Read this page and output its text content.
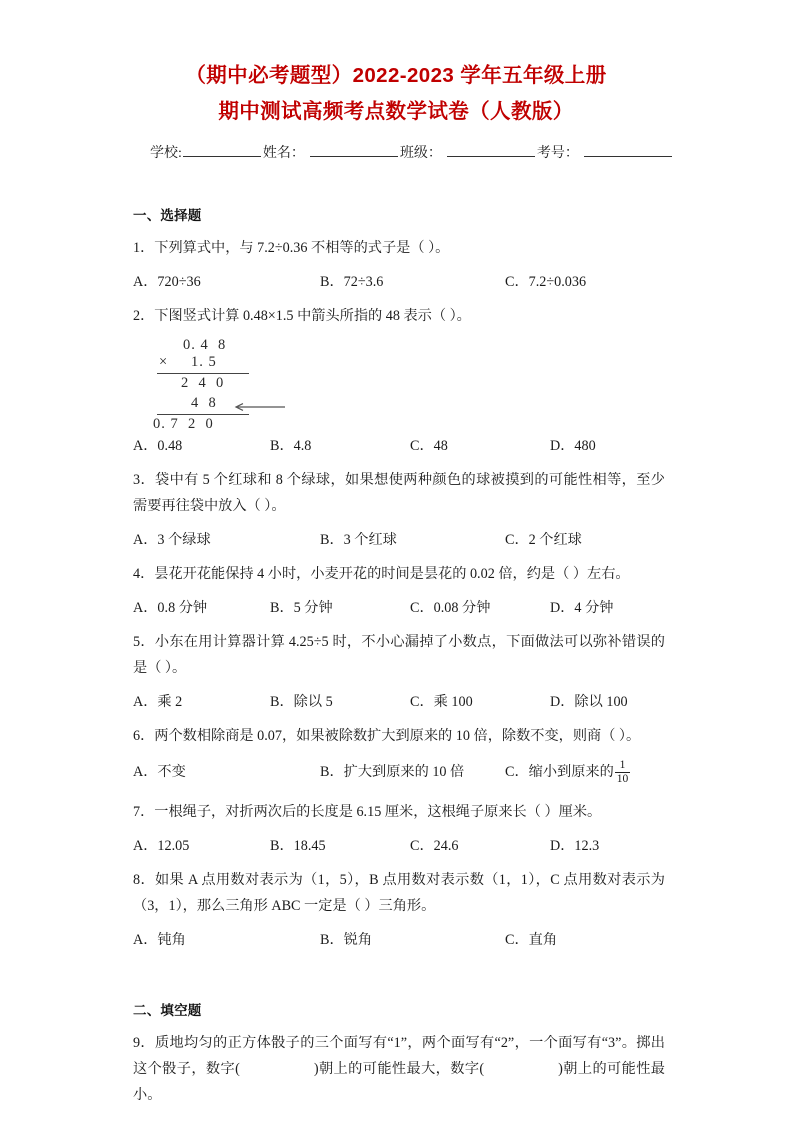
（期中必考题型）2022-2023 学年五年级上册
期中测试高频考点数学试卷（人教版）
学校:	姓名：	班级：	考号：
一、选择题
1．下列算式中，与 7.2÷0.36 不相等的式子是（ ）。
A．720÷36	B．72÷3.6	C．7.2÷0.036
2．下图竖式计算 0.48×1.5 中箭头所指的 48 表示（ ）。
0. 4  8
× 1. 5
2  4  0
4  8
0. 7  2  0
A．0.48	B．4.8	C．48	D．480
3．袋中有 5 个红球和 8 个绿球，如果想使两种颜色的球被摸到的可能性相等，至少需要再往袋中放入（ ）。
A．3 个绿球	B．3 个红球	C．2 个红球
4．昙花开花能保持 4 小时，小麦开花的时间是昙花的 0.02 倍，约是（ ）左右。
A．0.8 分钟	B．5 分钟	C．0.08 分钟	D．4 分钟
5．小东在用计算器计算 4.25÷5 时，不小心漏掉了小数点，下面做法可以弥补错误的是（ ）。
A．乘 2	B．除以 5	C．乘 100	D．除以 100
6．两个数相除商是 0.07，如果被除数扩大到原来的 10 倍，除数不变，则商（ ）。
A．不变	B．扩大到原来的 10 倍	C．缩小到原来的 $\frac{1}{10}$
7．一根绳子，对折两次后的长度是 6.15 厘米，这根绳子原来长（ ）厘米。
A．12.05	B．18.45	C．24.6	D．12.3
8．如果 A 点用数对表示为（1，5），B 点用数对表示数（1，1），C 点用数对表示为（3，1），那么三角形 ABC 一定是（ ）三角形。
A．钝角	B．锐角	C．直角
二、填空题
9．质地均匀的正方体骰子的三个面写有“1”，两个面写有“2”，一个面写有“3”。掷出这个骰子，数字(	)朝上的可能性最大，数字(	)朝上的可能性最小。
